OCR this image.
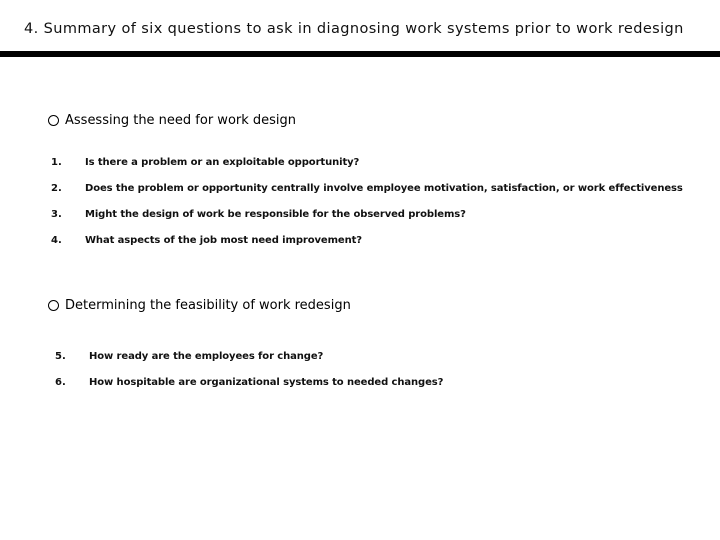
4. Summary of six questions to ask in diagnosing work systems prior to work redesign
Assessing the need for work design
1. Is there a problem or an exploitable opportunity?
2. Does the problem or opportunity centrally involve employee motivation, satisfaction, or work effectiveness
3. Might the design of work be responsible for the observed problems?
4. What aspects of the job most need improvement?
Determining the feasibility of work redesign
5. How ready are the employees for change?
6. How hospitable are organizational systems to needed changes?
